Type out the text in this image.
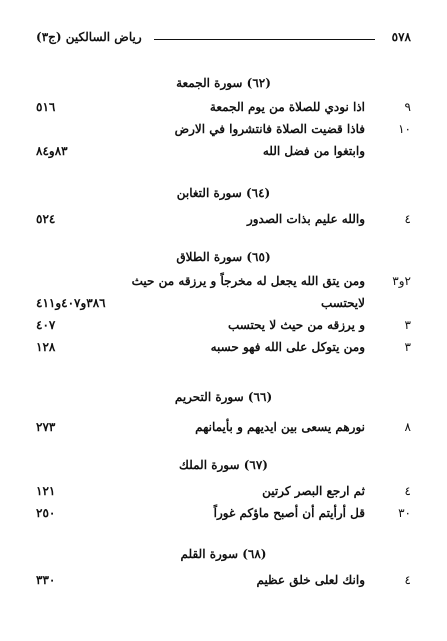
٥٧٨
رياض السالكين (ج٣)
(٦٢) سورة الجمعة
٩
اذا نودي للصلاة من يوم الجمعة
٥١٦
١٠
فاذا قضيت الصلاة فانتشروا في الارض
وابتغوا من فضل الله
٨٣و٨٤
(٦٤) سورة التغابن
٤
والله عليم بذات الصدور
٥٢٤
(٦٥) سورة الطلاق
٢و٣
ومن يتق الله يجعل له مخرجاً و يرزقه من حيث
لايحتسب
٣٨٦و٤٠٧و٤١١
٣
و يرزقه من حيث لا يحتسب
٤٠٧
٣
ومن يتوكل على الله فهو حسبه
١٢٨
(٦٦) سورة التحريم
٨
نورهم يسعى بين ايديهم و بأيمانهم
٢٧٣
(٦٧) سورة الملك
٤
ثم ارجع البصر كرتين
١٢١
٣٠
قل أرأيتم أن أصبح ماؤكم غوراً
٢٥٠
(٦٨) سورة القلم
٤
وانك لعلى خلق عظيم
٣٣٠
